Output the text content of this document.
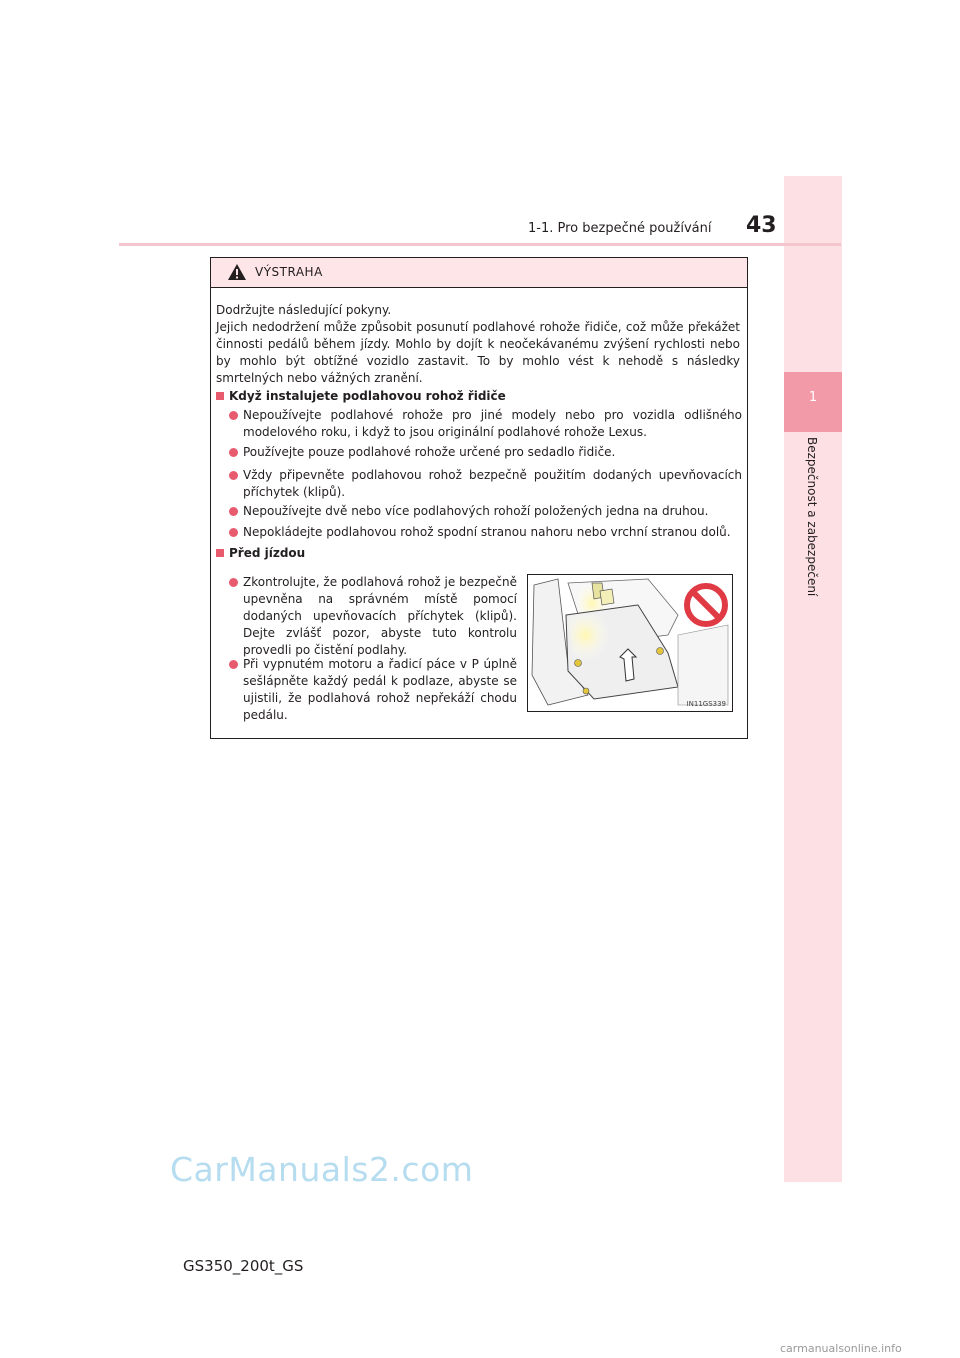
1
Bezpečnost a zabezpečení
1-1. Pro bezpečné používání 43
VÝSTRAHA

Dodržujte následující pokyny.

Jejich nedodržení může způsobit posunutí podlahové rohože řidiče, což může překážet činnosti pedálů během jízdy. Mohlo by dojít k neočekávanému zvýšení rychlosti nebo by mohlo být obtížné vozidlo zastavit. To by mohlo vést k nehodě s následky smrtelných nebo vážných zranění.

Když instalujete podlahovou rohož řidiče
Nepoužívejte podlahové rohože pro jiné modely nebo pro vozidla odlišného modelového roku, i když to jsou originální podlahové rohože Lexus.
Používejte pouze podlahové rohože určené pro sedadlo řidiče.
Vždy připevněte podlahovou rohož bezpečně použitím dodaných upevňovacích příchytek (klipů).
Nepoužívejte dvě nebo více podlahových rohoží položených jedna na druhou.
Nepokládejte podlahovou rohož spodní stranou nahoru nebo vrchní stranou dolů.
Před jízdou
Zkontrolujte, že podlahová rohož je bezpečně upevněna na správném místě pomocí dodaných upevňovacích příchytek (klipů). Dejte zvlášť pozor, abyste tuto kontrolu provedli po čistění podlahy.
Při vypnutém motoru a řadicí páce v P úplně sešlápněte každý pedál k podlaze, abyste se ujistili, že podlahová rohož nepřekáží chodu pedálu.
IN11GS339
GS350_200t_GS
CarManuals2.com
carmanualsonline.info
